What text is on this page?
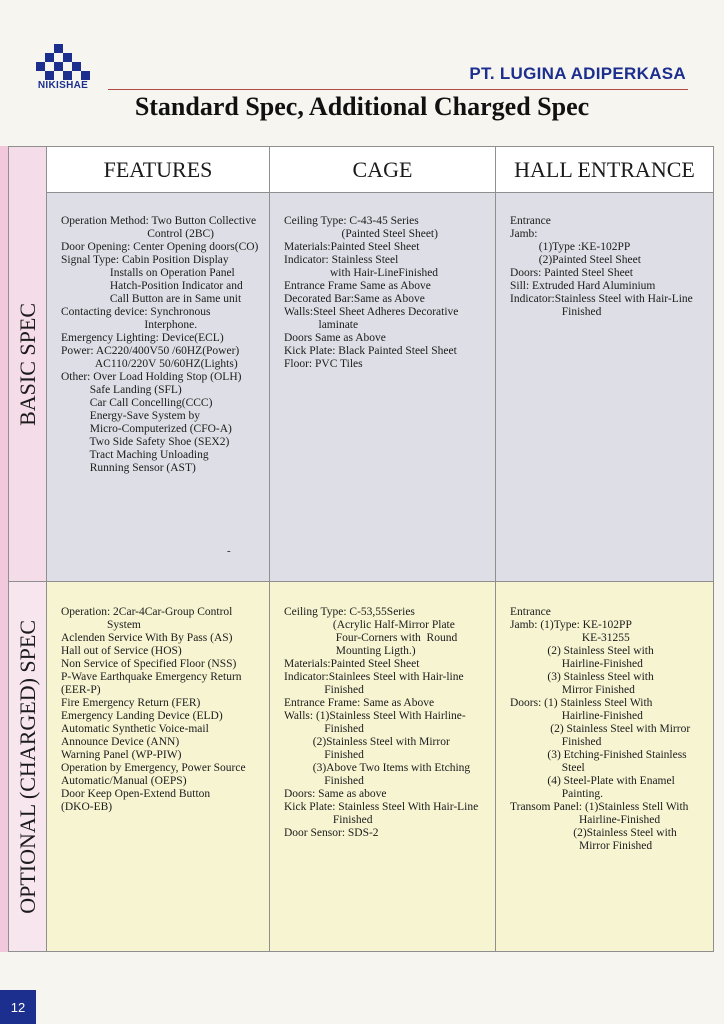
NIKISHAE
PT. LUGINA ADIPERKASA
Standard Spec, Additional Charged Spec
FEATURES	CAGE	HALL ENTRANCE
BASIC SPEC
OPTIONAL (CHARGED) SPEC
Operation Method: Two Button Collective
Control (2BC)
Door Opening: Center Opening doors(CO)
Signal Type: Cabin Position Display
Installs on Operation Panel
Hatch-Position Indicator and
Call Button are in Same unit
Contacting device: Synchronous
Interphone.
Emergency Lighting: Device(ECL)
Power: AC220/400V50 /60HZ(Power)
AC110/220V 50/60HZ(Lights)
Other: Over Load Holding Stop (OLH)
Safe Landing (SFL)
Car Call Concelling(CCC)
Energy-Save System by
Micro-Computerized (CFO-A)
Two Side Safety Shoe (SEX2)
Tract Maching Unloading
Running Sensor (AST)
Ceiling Type: C-43-45 Series
(Painted Steel Sheet)
Materials:Painted Steel Sheet
Indicator: Stainless Steel
with Hair-LineFinished
Entrance Frame Same as Above
Decorated Bar:Same as Above
Walls:Steel Sheet Adheres Decorative
laminate
Doors Same as Above
Kick Plate: Black Painted Steel Sheet
Floor: PVC Tiles
Entrance
Jamb:
(1)Type :KE-102PP
(2)Painted Steel Sheet
Doors: Painted Steel Sheet
Sill: Extruded Hard Aluminium
Indicator:Stainless Steel with Hair-Line
Finished
Operation: 2Car-4Car-Group Control
System
Aclenden Service With By Pass (AS)
Hall out of Service (HOS)
Non Service of Specified Floor (NSS)
P-Wave Earthquake Emergency Return
(EER-P)
Fire Emergency Return (FER)
Emergency Landing Device (ELD)
Automatic Synthetic Voice-mail
Announce Device (ANN)
Warning Panel (WP-PIW)
Operation by Emergency, Power Source
Automatic/Manual (OEPS)
Door Keep Open-Extend Button
(DKO-EB)
Ceiling Type: C-53,55Series
(Acrylic Half-Mirror Plate
Four-Corners with  Round
Mounting Ligth.)
Materials:Painted Steel Sheet
Indicator:Stainlees Steel with Hair-line
Finished
Entrance Frame: Same as Above
Walls: (1)Stainless Steel With Hairline-
Finished
(2)Stainless Steel with Mirror
Finished
(3)Above Two Items with Etching
Finished
Doors: Same as above
Kick Plate: Stainless Steel With Hair-Line
Finished
Door Sensor: SDS-2
Entrance
Jamb: (1)Type: KE-102PP
KE-31255
(2) Stainless Steel with
Hairline-Finished
(3) Stainless Steel with
Mirror Finished
Doors: (1) Stainless Steel With
Hairline-Finished
(2) Stainless Steel with Mirror
Finished
(3) Etching-Finished Stainless
Steel
(4) Steel-Plate with Enamel
Painting.
Transom Panel: (1)Stainless Stell With
Hairline-Finished
(2)Stainless Steel with
Mirror Finished
-
12
